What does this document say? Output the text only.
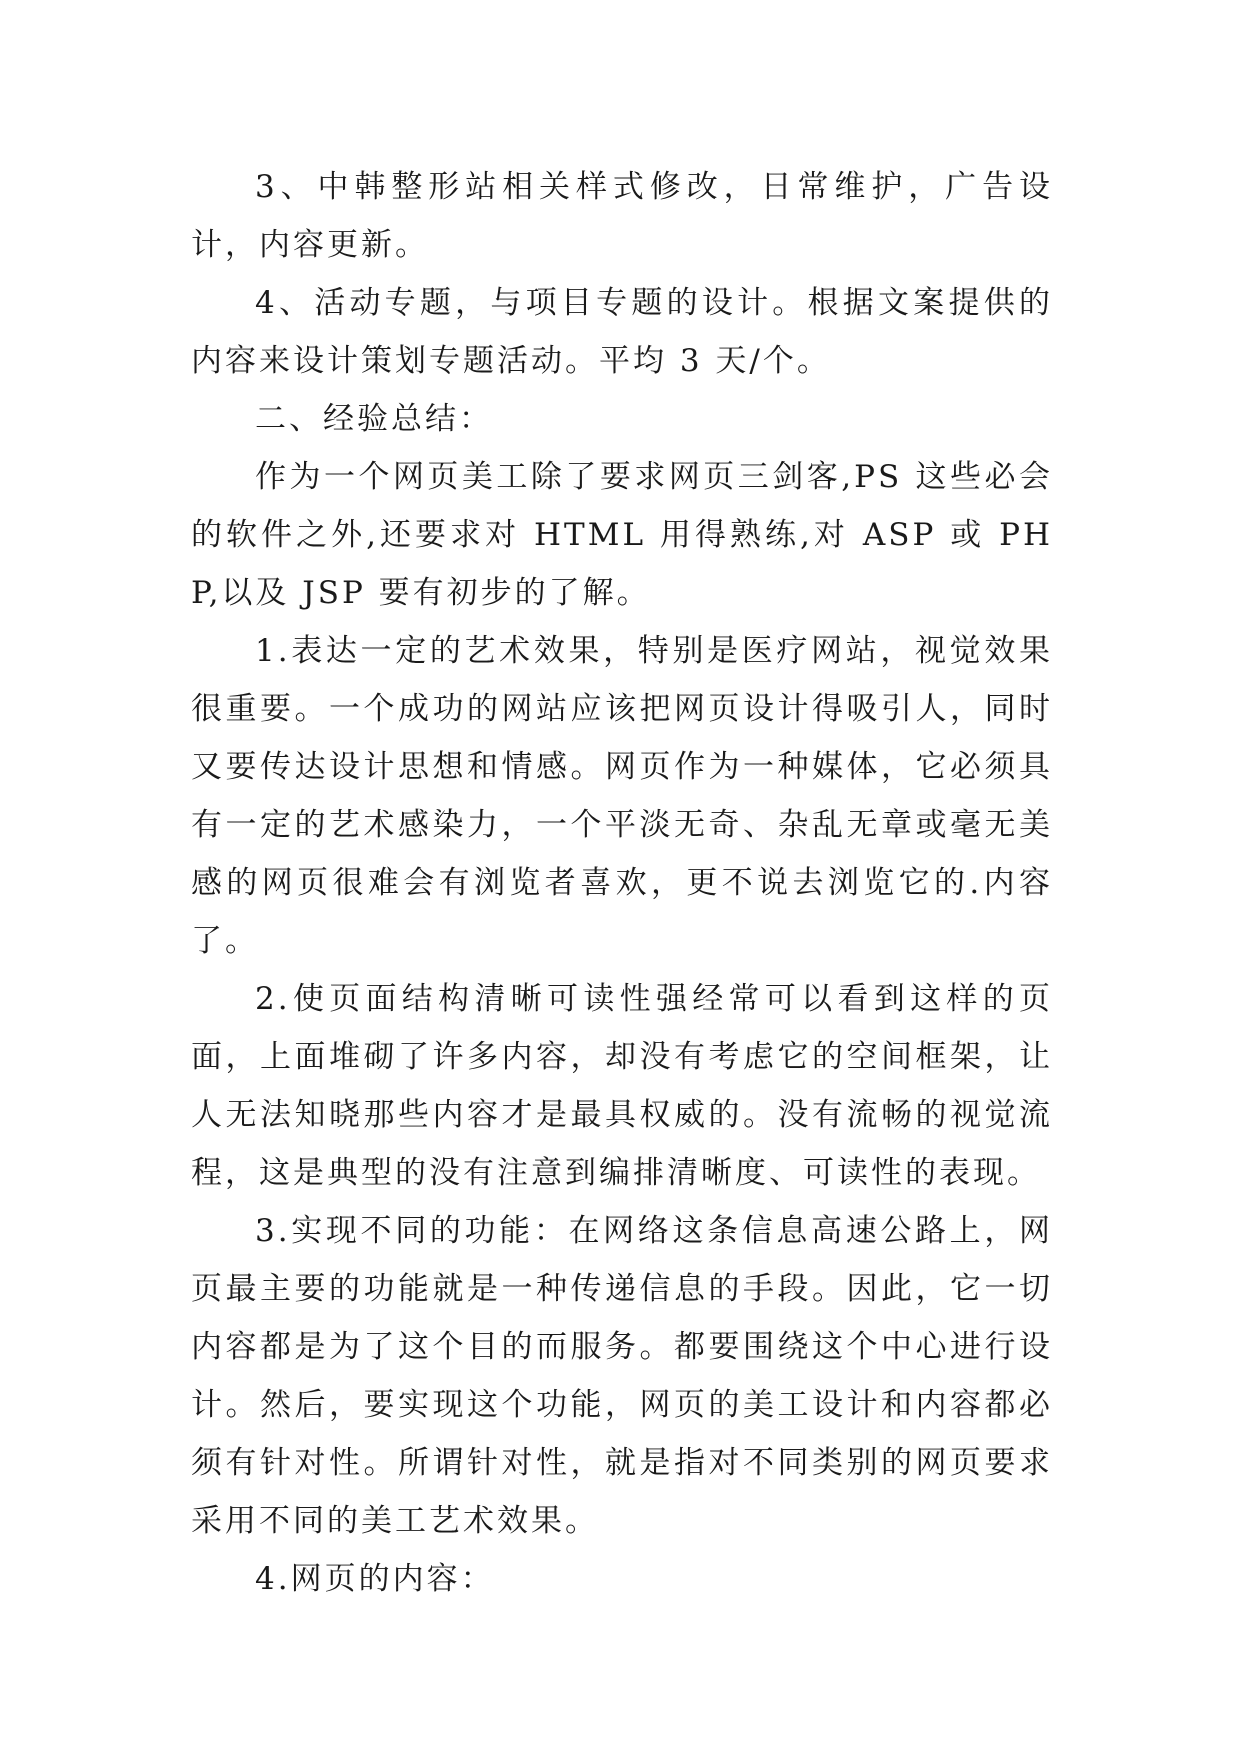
3、中韩整形站相关样式修改，日常维护，广告设计，内容更新。

4、活动专题，与项目专题的设计。根据文案提供的内容来设计策划专题活动。平均 3 天/个。

二、经验总结：

作为一个网页美工除了要求网页三剑客,PS 这些必会的软件之外,还要求对 HTML 用得熟练,对 ASP 或 PHP,以及 JSP 要有初步的了解。

1.表达一定的艺术效果，特别是医疗网站，视觉效果很重要。一个成功的网站应该把网页设计得吸引人，同时又要传达设计思想和情感。网页作为一种媒体，它必须具有一定的艺术感染力，一个平淡无奇、杂乱无章或毫无美感的网页很难会有浏览者喜欢，更不说去浏览它的.内容了。

2.使页面结构清晰可读性强经常可以看到这样的页面，上面堆砌了许多内容，却没有考虑它的空间框架，让人无法知晓那些内容才是最具权威的。没有流畅的视觉流程，这是典型的没有注意到编排清晰度、可读性的表现。

3.实现不同的功能：在网络这条信息高速公路上，网页最主要的功能就是一种传递信息的手段。因此，它一切内容都是为了这个目的而服务。都要围绕这个中心进行设计。然后，要实现这个功能，网页的美工设计和内容都必须有针对性。所谓针对性，就是指对不同类别的网页要求采用不同的美工艺术效果。

4.网页的内容：
